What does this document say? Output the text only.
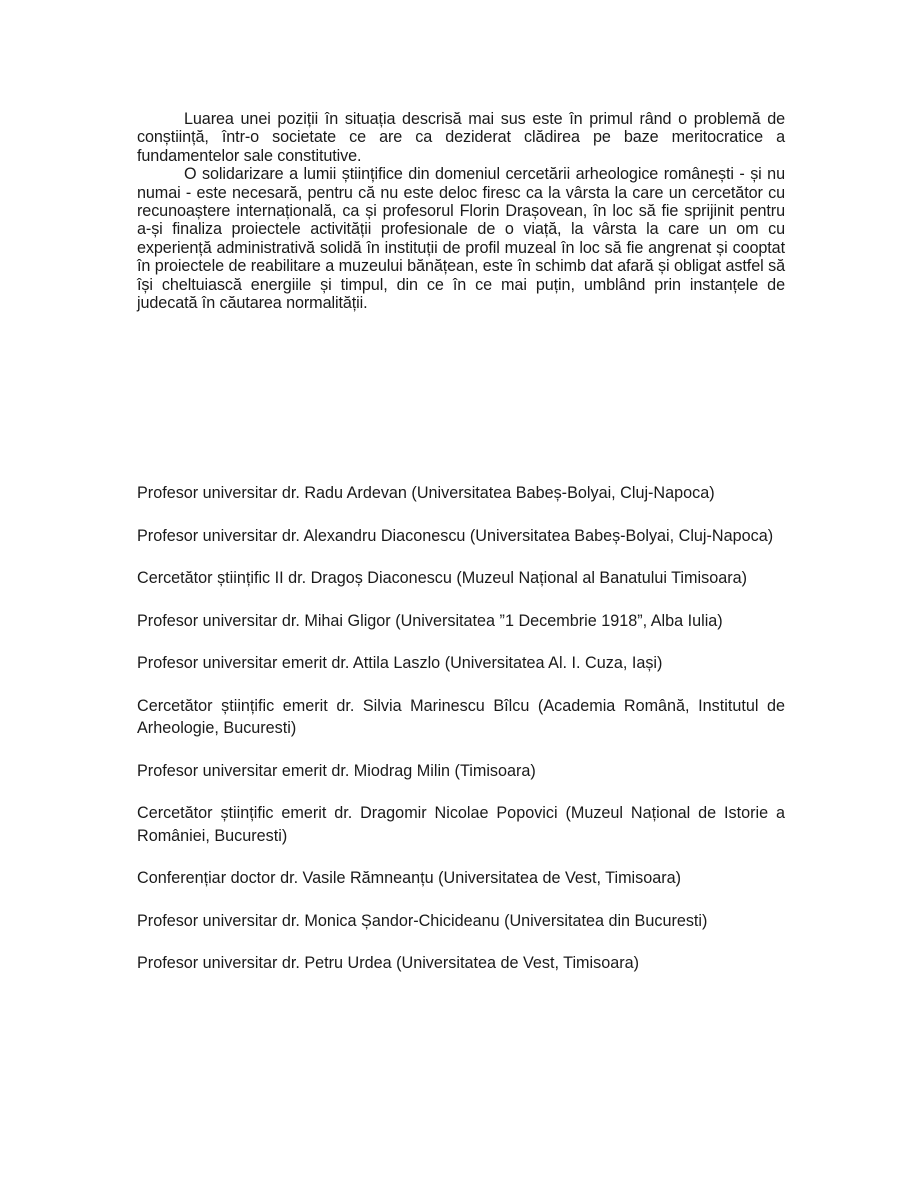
Luarea unei poziții în situația descrisă mai sus este în primul rând o problemă de conștiință, într-o societate ce are ca deziderat clădirea pe baze meritocratice a fundamentelor sale constitutive.

O solidarizare a lumii științifice din domeniul cercetării arheologice românești - și nu numai - este necesară, pentru că nu este deloc firesc ca la vârsta la care un cercetător cu recunoaștere internațională, ca și profesorul Florin Drașovean, în loc să fie sprijinit pentru a-și finaliza proiectele activității profesionale de o viață, la vârsta la care un om cu experiență administrativă solidă în instituții de profil muzeal în loc să fie angrenat și cooptat în proiectele de reabilitare a muzeului bănățean, este în schimb dat afară și obligat astfel să își cheltuiască energiile și timpul, din ce în ce mai puțin, umblând prin instanțele de judecată în căutarea normalității.

Profesor universitar dr. Radu Ardevan (Universitatea Babeș-Bolyai, Cluj-Napoca)

Profesor universitar dr. Alexandru Diaconescu (Universitatea Babeș-Bolyai, Cluj-Napoca)

Cercetător științific II dr. Dragoș Diaconescu (Muzeul Național al Banatului Timisoara)

Profesor universitar dr. Mihai Gligor (Universitatea ”1 Decembrie 1918”, Alba Iulia)

Profesor universitar emerit dr. Attila Laszlo (Universitatea Al. I. Cuza, Iași)

Cercetător științific emerit dr. Silvia Marinescu Bîlcu (Academia Română, Institutul de Arheologie, Bucuresti)

Profesor universitar emerit dr. Miodrag Milin (Timisoara)

Cercetător științific emerit dr. Dragomir Nicolae Popovici (Muzeul Național de Istorie a României, Bucuresti)

Conferențiar doctor dr. Vasile Rămneanțu (Universitatea de Vest, Timisoara)

Profesor universitar dr. Monica Șandor-Chicideanu (Universitatea din Bucuresti)

Profesor universitar dr. Petru Urdea (Universitatea de Vest, Timisoara)
